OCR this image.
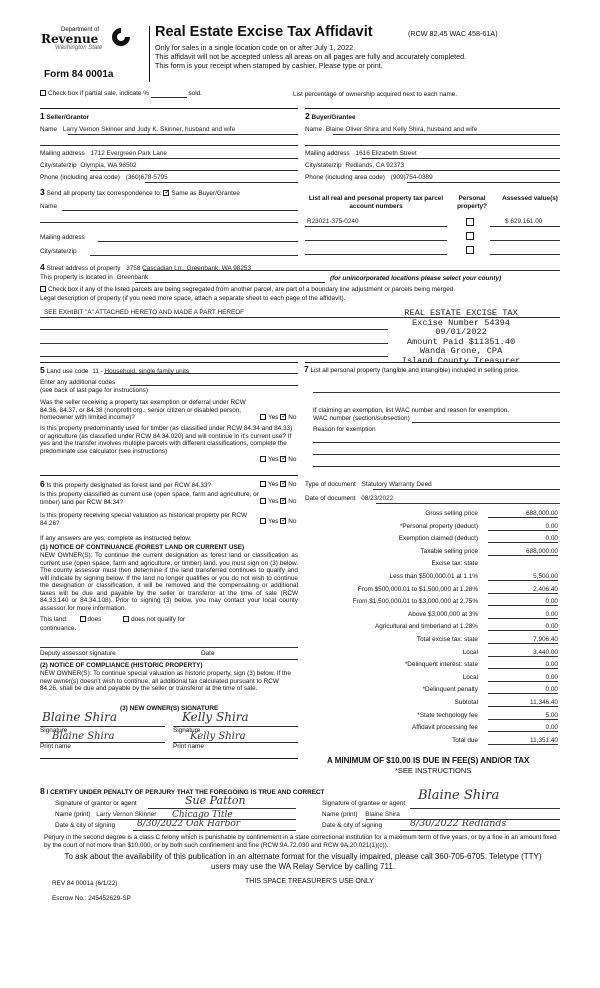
Department of
Revenue
Washington State
Form 84 0001a
Real Estate Excise Tax Affidavit	(RCW 82.45 WAC 458-61A)
Only for sales in a single location code on or after July 1, 2022.
This affidavit will not be accepted unless all areas on all pages are fully and accurately completed.
This form is your receipt when stamped by cashier. Please type or print.
Check box if partial sale, indicate %	sold.	List percentage of ownership acquired next to each name.
1 Seller/Grantor	2 Buyer/Grantee
Name Larry Vernon Skinner and Judy K. Skinner, husband and wife	Name Blaine Oliver Shira and Kelly Shira, husband and wife
Mailing address 1712 Evergreen Park Lane
City/state/zip Olympia, WA 98502
Phone (including area code) (360)678-5795
Mailing address 1616 Elizabeth Street
City/state/zip Redlands, CA 92373
Phone (including area code) (909)754-0389
3 Send all property tax correspondence to: ✓ Same as Buyer/Grantee
Name
Mailing address
City/state/zip
List all real and personal property tax parcel account numbers
Personal property?
Assessed value(s)
R23021-375-0240	$ 629,161.00
4 Street address of property 3758 Cascadian Ln., Greenbank, WA 98253
This property is located in Greenbank	(for unincorporated locations please select your county)
Check box if any of the listed parcels are being segregated from another parcel, are part of a boundary line adjustment or parcels being merged.
Legal description of property (if you need more space, attach a separate sheet to each page of the affidavit).
SEE EXHIBIT "A" ATTACHED HERETO AND MADE A PART HEREOF	REAL ESTATE EXCISE TAX
Excise Number 54394
09/01/2022
Amount Paid $11351.40
Wanda Grone, CPA
Island County Treasurer
5 Land use code 11 - Household, single family units
Enter any additional codes
(see back of last page for instructions)
Was the seller receiving a property tax exemption or deferral under RCW 84.36, 84.37, or 84.38 (nonprofit org., senior citizen or disabled person, homeowner with limited income)?	Yes ✓ No
Is this property predominantly used for timber (as classified under RCW 84.34 and 84.33) or agriculture (as classified under RCW 84.34.020) and will continue in it's current use? If yes and the transfer involves multiple parcels with different classifications, complete the predominate use calculator (see instructions)
Yes ✓ No
7 List all personal property (tangible and intangible) included in selling price.
If claiming an exemption, list WAC number and reason for exemption.
WAC number (section/subsection)
Reason for exemption
6 Is this property designated as forest land per RCW 84.33?	Yes ✓ No
Is this property classified as current use (open space, farm and agriculture, or timber) land per RCW 84.34?	Yes ✓ No
Is this property receiving special valuation as historical property per RCW 84.26?	Yes ✓ No
If any answers are yes, complete as instructed below.
(1) NOTICE OF CONTINUANCE (FOREST LAND OR CURRENT USE)
NEW OWNER(S): To continue the current designation as forest land or classification as current use (open space, farm and agriculture, or timber) land, you must sign on (3) below. The county assessor must then determine if the land transferred continues to qualify and will indicate by signing below. If the land no longer qualifies or you do not wish to continue the designation or classification, it will be removed and the compensating or additional taxes will be due and payable by the seller or transferor at the time of sale (RCW 84.33.140 or 84.34.108). Prior to signing (3) below, you may contact your local county assessor for more information.
This land:	does	does not qualify for
continuance.
Deputy assessor signature	Date
(2) NOTICE OF COMPLIANCE (HISTORIC PROPERTY)
NEW OWNER(S): To continue special valuation as historic property, sign (3) below. If the new owner(s) doesn't wish to continue, all additional tax calculated pursuant to RCW 84.26, shall be due and payable by the seller or transferor at the time of sale.
(3) NEW OWNER(S) SIGNATURE
Blaine Shira
Signature
Blaine Shira
Print name
Kelly Shira
Signature
Kelly Shira
Print name
Type of document Statutory Warranty Deed
Date of document 08/23/2022
Gross selling price	688,000.00
*Personal property (deduct)	0.00
Exemption claimed (deduct)	0.00
Taxable selling price	688,000.00
Excise tax: state
Less than $500,000.01 at 1.1%	5,500.00
From $500,000.01 to $1,500,000 at 1.28%	2,406.40
From $1,500,000.01 to $3,000,000 at 2.75%	0.00
Above $3,000,000 at 3%	0.00
Agricultural and timberland at 1.28%	0.00
Total excise tax: state	7,906.40
Local	3,440.00
*Delinquent interest: state	0.00
Local	0.00
*Delinquent penalty	0.00
Subtotal	11,346.40
*State technology fee	5.00
Affidavit processing fee	0.00
Total due	11,351.40
A MINIMUM OF $10.00 IS DUE IN FEE(S) AND/OR TAX
*SEE INSTRUCTIONS
8 I CERTIFY UNDER PENALTY OF PERJURY THAT THE FOREGOING IS TRUE AND CORRECT
Signature of grantor or agent	Sue Patton
Name (print) Larry Vernon Skinner Chicago Title
Date & city of signing 8/30/2022 Oak Harbor
Signature of grantee or agent
Blaine Shira
Name (print) Blaine Shira
Date & city of signing	8/30/2022 Redlands
Perjury in the second degree is a class C felony which is punishable by confinement in a state correctional institution for a maximum term of five years, or by a fine in an amount fixed by the court of not more than $10,000, or by both such confinement and fine (RCW 9A.72.030 and RCW 9A.20.021(1)(c)).
To ask about the availability of this publication in an alternate format for the visually impaired, please call 360-705-6705. Teletype (TTY) users may use the WA Relay Service by calling 711.
REV 84 0001a (6/1/22)	THIS SPACE TREASURER'S USE ONLY
Escrow No.: 245452629-SP
